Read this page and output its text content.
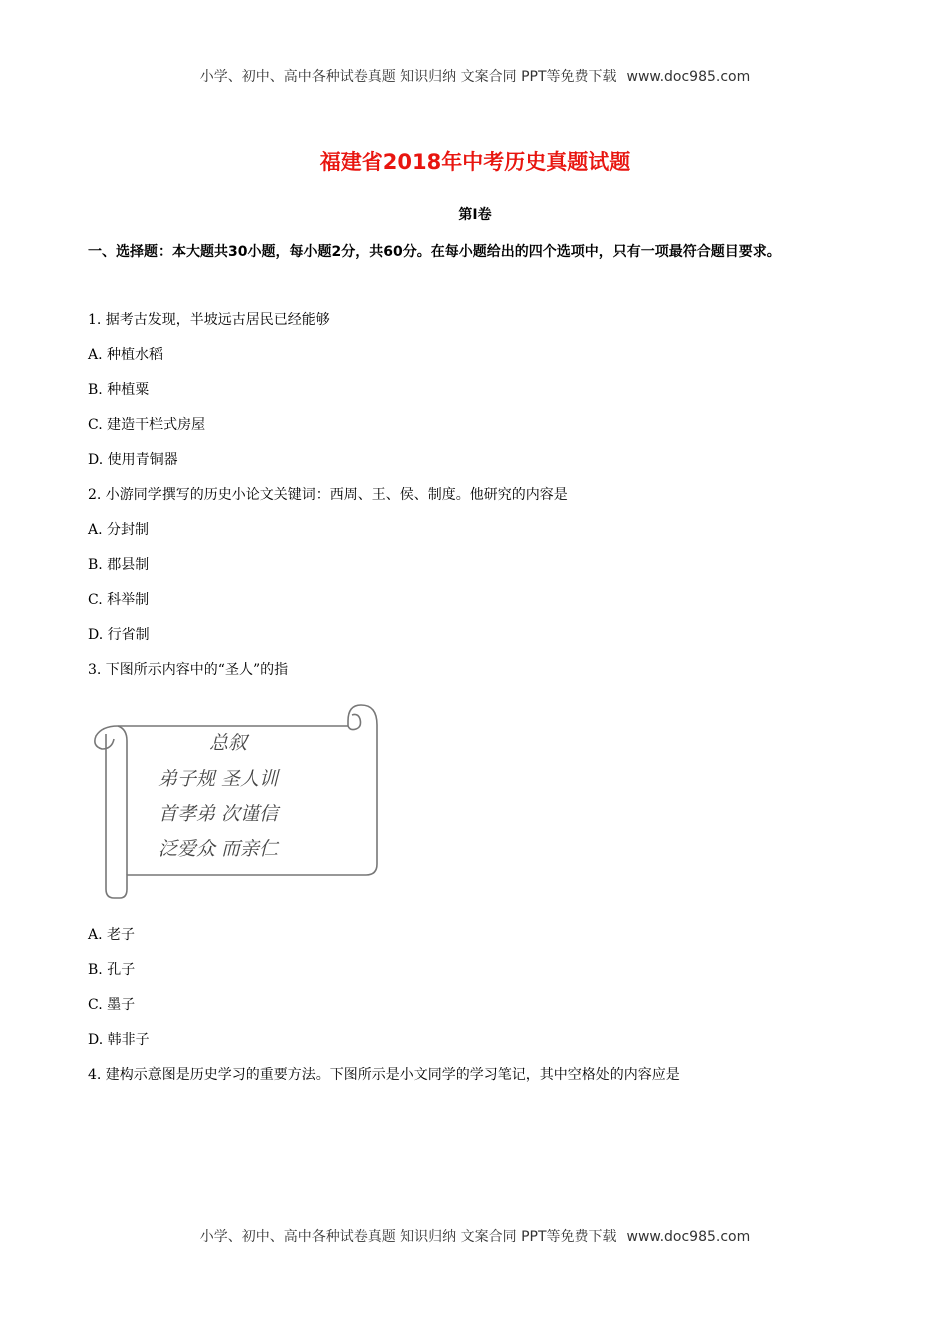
小学、初中、高中各种试卷真题 知识归纳 文案合同 PPT等免费下载 www.doc985.com
福建省2018年中考历史真题试题
第I卷
一、选择题：本大题共30小题，每小题2分，共60分。在每小题给出的四个选项中，只有一项最符合题目要求。
1. 据考古发现，半坡远古居民已经能够
A. 种植水稻
B. 种植粟
C. 建造干栏式房屋
D. 使用青铜器
2. 小游同学撰写的历史小论文关键词：西周、王、侯、制度。他研究的内容是
A. 分封制
B. 郡县制
C. 科举制
D. 行省制
3. 下图所示内容中的“圣人”的指
总叙
弟子规 圣人训
首孝弟 次谨信
泛爱众 而亲仁
A. 老子
B. 孔子
C. 墨子
D. 韩非子
4. 建构示意图是历史学习的重要方法。下图所示是小文同学的学习笔记，其中空格处的内容应是
小学、初中、高中各种试卷真题 知识归纳 文案合同 PPT等免费下载 www.doc985.com
